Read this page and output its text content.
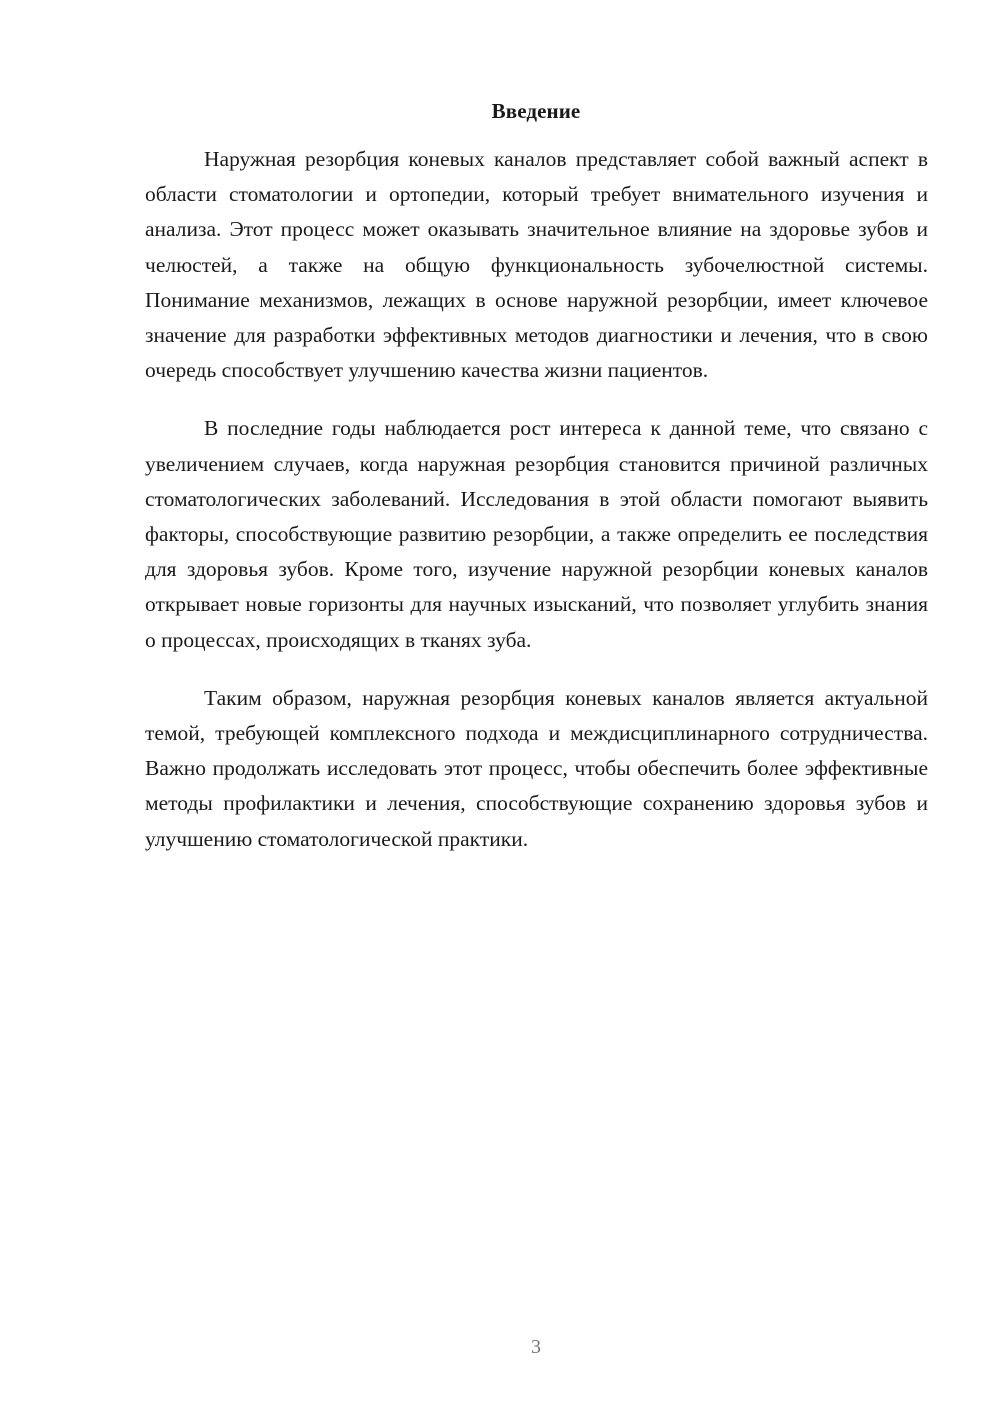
Введение

Наружная резорбция коневых каналов представляет собой важный аспект в области стоматологии и ортопедии, который требует внимательного изучения и анализа. Этот процесс может оказывать значительное влияние на здоровье зубов и челюстей, а также на общую функциональность зубочелюстной системы. Понимание механизмов, лежащих в основе наружной резорбции, имеет ключевое значение для разработки эффективных методов диагностики и лечения, что в свою очередь способствует улучшению качества жизни пациентов.

В последние годы наблюдается рост интереса к данной теме, что связано с увеличением случаев, когда наружная резорбция становится причиной различных стоматологических заболеваний. Исследования в этой области помогают выявить факторы, способствующие развитию резорбции, а также определить ее последствия для здоровья зубов. Кроме того, изучение наружной резорбции коневых каналов открывает новые горизонты для научных изысканий, что позволяет углубить знания о процессах, происходящих в тканях зуба.

Таким образом, наружная резорбция коневых каналов является актуальной темой, требующей комплексного подхода и междисциплинарного сотрудничества. Важно продолжать исследовать этот процесс, чтобы обеспечить более эффективные методы профилактики и лечения, способствующие сохранению здоровья зубов и улучшению стоматологической практики.

3
